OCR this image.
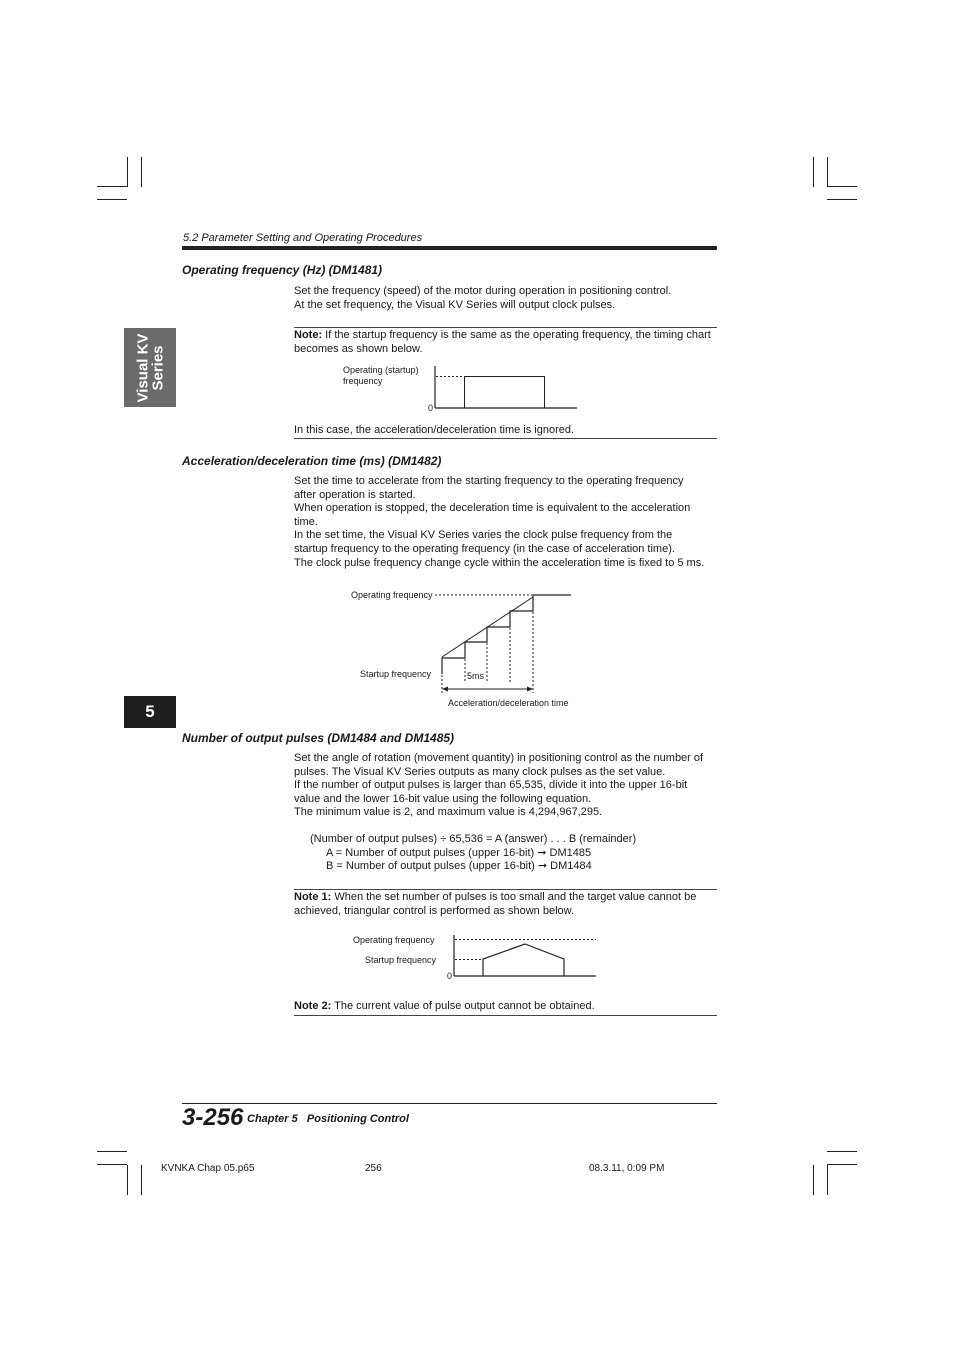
5.2 Parameter Setting and Operating Procedures
Visual KV
Series
5
Operating frequency (Hz) (DM1481)

Set the frequency (speed) of the motor during operation in positioning control.

At the set frequency, the Visual KV Series will output clock pulses.

Note: If the startup frequency is the same as the operating frequency, the timing chart becomes as shown below.
Operating (startup)
frequency
0
In this case, the acceleration/deceleration time is ignored.
Acceleration/deceleration time (ms) (DM1482)

Set the time to accelerate from the starting frequency to the operating frequency

after operation is started.

When operation is stopped, the deceleration time is equivalent to the acceleration

time.

In the set time, the Visual KV Series varies the clock pulse frequency from the

startup frequency to the operating frequency (in the case of acceleration time).

The clock pulse frequency change cycle within the acceleration time is fixed to 5 ms.

Operating frequency
Startup frequency	5ms
Acceleration/deceleration time
Number of output pulses (DM1484 and DM1485)

Set the angle of rotation (movement quantity) in positioning control as the number of

pulses. The Visual KV Series outputs as many clock pulses as the set value.

If the number of output pulses is larger than 65,535, divide it into the upper 16-bit

value and the lower 16-bit value using the following equation.

The minimum value is 2, and maximum value is 4,294,967,295.

(Number of output pulses) ÷ 65,536 = A (answer) . . . B (remainder)
A = Number of output pulses (upper 16-bit) ➞ DM1485
B = Number of output pulses (upper 16-bit) ➞ DM1484
Note 1: When the set number of pulses is too small and the target value cannot be achieved, triangular control is performed as shown below.
Operating frequency
Startup frequency
0
Note 2: The current value of pulse output cannot be obtained.
3-256 Chapter 5   Positioning Control
KVNKA Chap 05.p65	256	08.3.11, 0:09 PM
